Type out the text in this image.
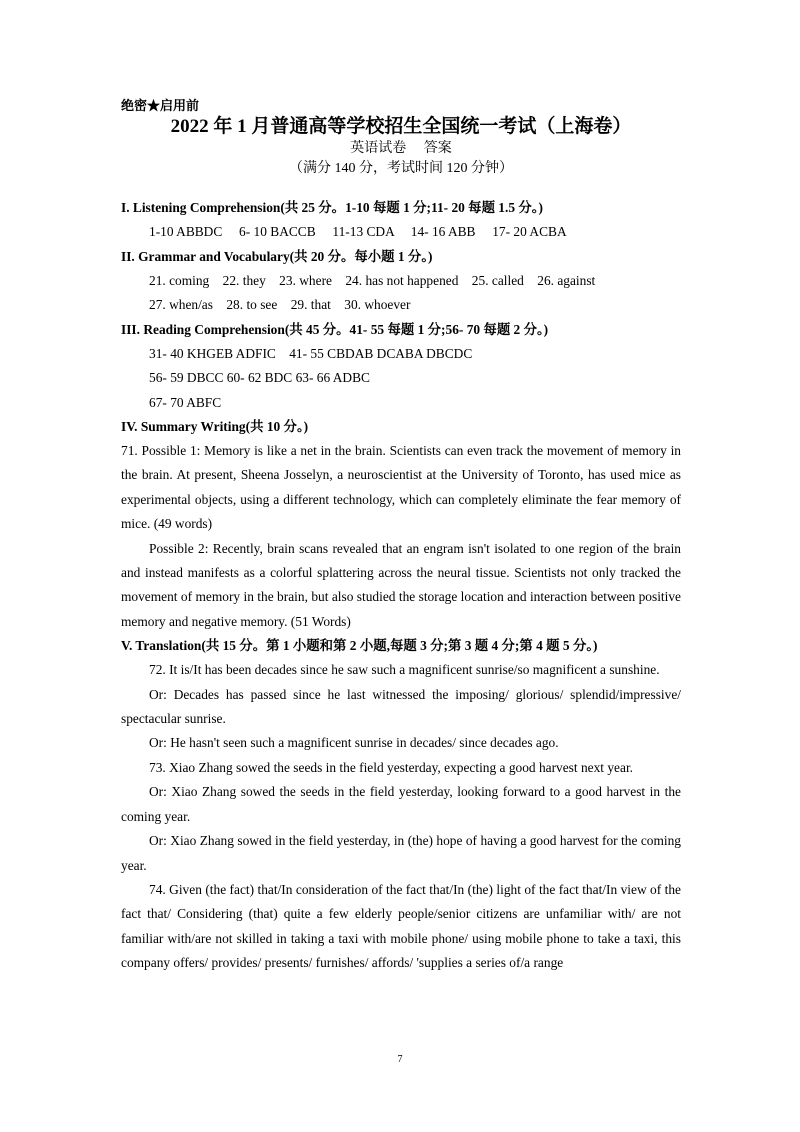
绝密★启用前
2022 年 1 月普通高等学校招生全国统一考试（上海卷）
英语试卷　 答案
（满分 140 分，考试时间 120 分钟）
I. Listening Comprehension(共 25 分。1-10 每题 1 分;11- 20 每题 1.5 分。)
1-10 ABBDC     6- 10 BACCB     11-13 CDA     14- 16 ABB     17- 20 ACBA
II. Grammar and Vocabulary(共 20 分。每小题 1 分。)
21. coming    22. they    23. where    24. has not happened    25. called    26. against
27. when/as    28. to see    29. that    30. whoever
III. Reading Comprehension(共 45 分。41- 55 每题 1 分;56- 70 每题 2 分。)
31- 40 KHGEB ADFIC    41- 55 CBDAB DCABA DBCDC
56- 59 DBCC 60- 62 BDC 63- 66 ADBC
67- 70 ABFC
IV. Summary Writing(共 10 分。)
71. Possible 1: Memory is like a net in the brain. Scientists can even track the movement of memory in the brain. At present, Sheena Josselyn, a neuroscientist at the University of Toronto, has used mice as experimental objects, using a different technology, which can completely eliminate the fear memory of mice. (49 words)
Possible 2: Recently, brain scans revealed that an engram isn't isolated to one region of the brain and instead manifests as a colorful splattering across the neural tissue. Scientists not only tracked the movement of memory in the brain, but also studied the storage location and interaction between positive memory and negative memory. (51 Words)
V. Translation(共 15 分。第 1 小题和第 2 小题,每题 3 分;第 3 题 4 分;第 4 题 5 分。)
72. It is/It has been decades since he saw such a magnificent sunrise/so magnificent a sunshine.
Or: Decades has passed since he last witnessed the imposing/ glorious/ splendid/impressive/ spectacular sunrise.
Or: He hasn't seen such a magnificent sunrise in decades/ since decades ago.
73. Xiao Zhang sowed the seeds in the field yesterday, expecting a good harvest next year.
Or: Xiao Zhang sowed the seeds in the field yesterday, looking forward to a good harvest in the coming year.
Or: Xiao Zhang sowed in the field yesterday, in (the) hope of having a good harvest for the coming year.
74. Given (the fact) that/In consideration of the fact that/In (the) light of the fact that/In view of the fact that/ Considering (that) quite a few elderly people/senior citizens are unfamiliar with/ are not familiar with/are not skilled in taking a taxi with mobile phone/ using mobile phone to take a taxi, this company offers/ provides/ presents/ furnishes/ affords/ 'supplies a series of/a range
7
